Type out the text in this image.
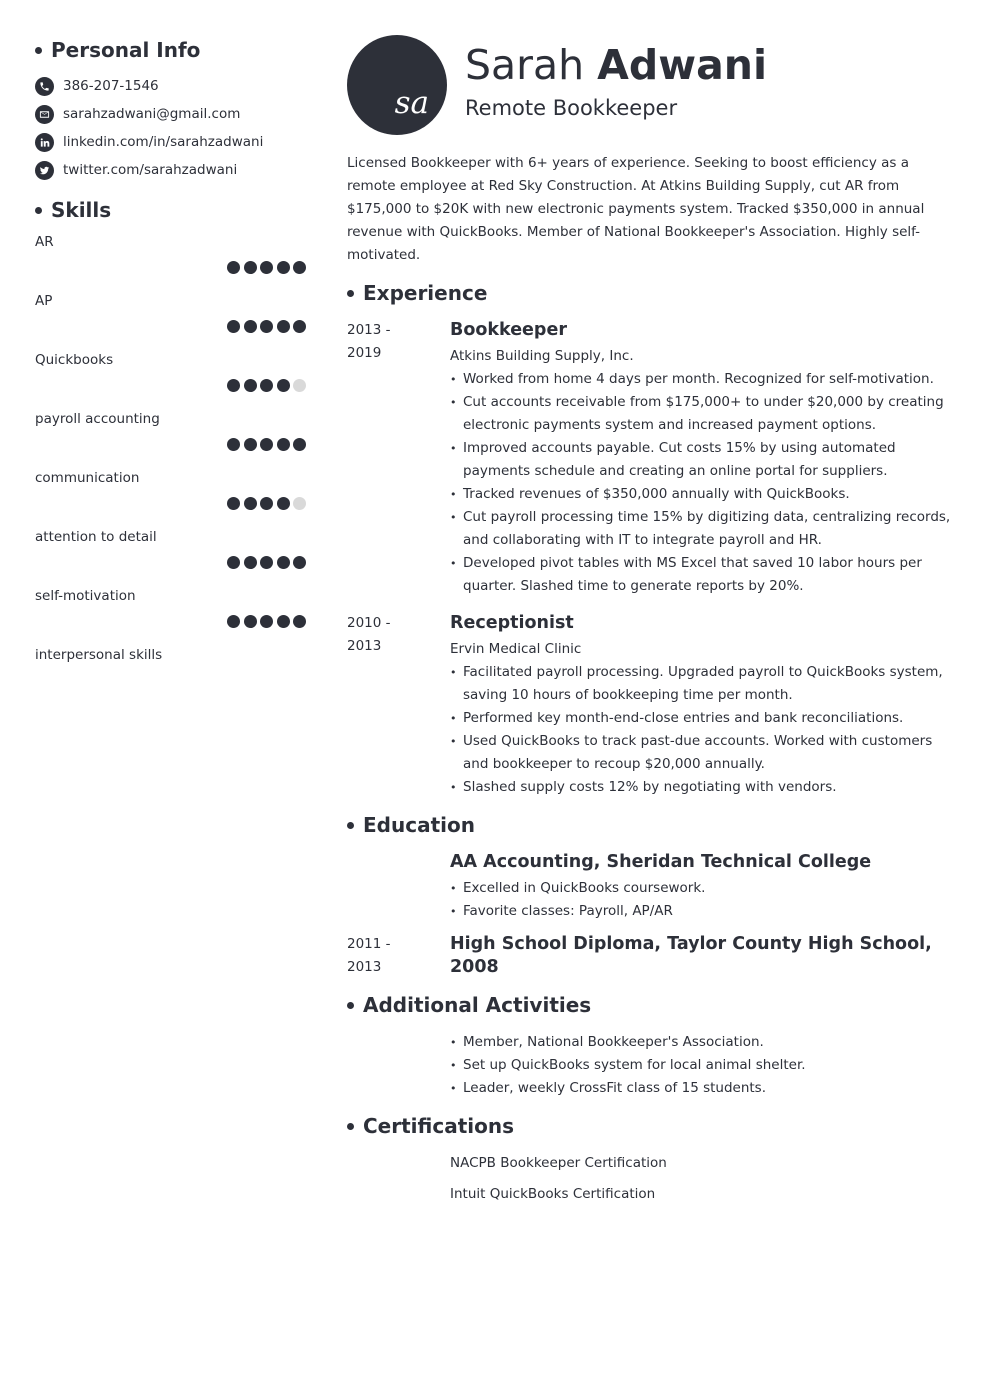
Personal Info
386-207-1546
sarahzadwani@gmail.com
linkedin.com/in/sarahzadwani
twitter.com/sarahzadwani
Skills
AR
AP
Quickbooks
payroll accounting
communication
attention to detail
self-motivation
interpersonal skills
sa
Sarah Adwani
Remote Bookkeeper

Licensed Bookkeeper with 6+ years of experience. Seeking to boost efficiency as a remote employee at Red Sky Construction. At Atkins Building Supply, cut AR from $175,000 to $20K with new electronic payments system. Tracked $350,000 in annual revenue with QuickBooks. Member of National Bookkeeper's Association. Highly self-motivated.

Experience
2013 -
2019
Bookkeeper
Atkins Building Supply, Inc.
• Worked from home 4 days per month. Recognized for self-motivation.
• Cut accounts receivable from $175,000+ to under $20,000 by creating electronic payments system and increased payment options.
• Improved accounts payable. Cut costs 15% by using automated payments schedule and creating an online portal for suppliers.
• Tracked revenues of $350,000 annually with QuickBooks.
• Cut payroll processing time 15% by digitizing data, centralizing records, and collaborating with IT to integrate payroll and HR.
• Developed pivot tables with MS Excel that saved 10 labor hours per quarter. Slashed time to generate reports by 20%.
2010 -
2013
Receptionist
Ervin Medical Clinic
• Facilitated payroll processing. Upgraded payroll to QuickBooks system, saving 10 hours of bookkeeping time per month.
• Performed key month-end-close entries and bank reconciliations.
• Used QuickBooks to track past-due accounts. Worked with customers and bookkeeper to recoup $20,000 annually.
• Slashed supply costs 12% by negotiating with vendors.
Education
AA Accounting, Sheridan Technical College
• Excelled in QuickBooks coursework.
• Favorite classes: Payroll, AP/AR
2011 -
2013
High School Diploma, Taylor County High School, 2008
Additional Activities
• Member, National Bookkeeper's Association.
• Set up QuickBooks system for local animal shelter.
• Leader, weekly CrossFit class of 15 students.
Certifications
NACPB Bookkeeper Certification
Intuit QuickBooks Certification
